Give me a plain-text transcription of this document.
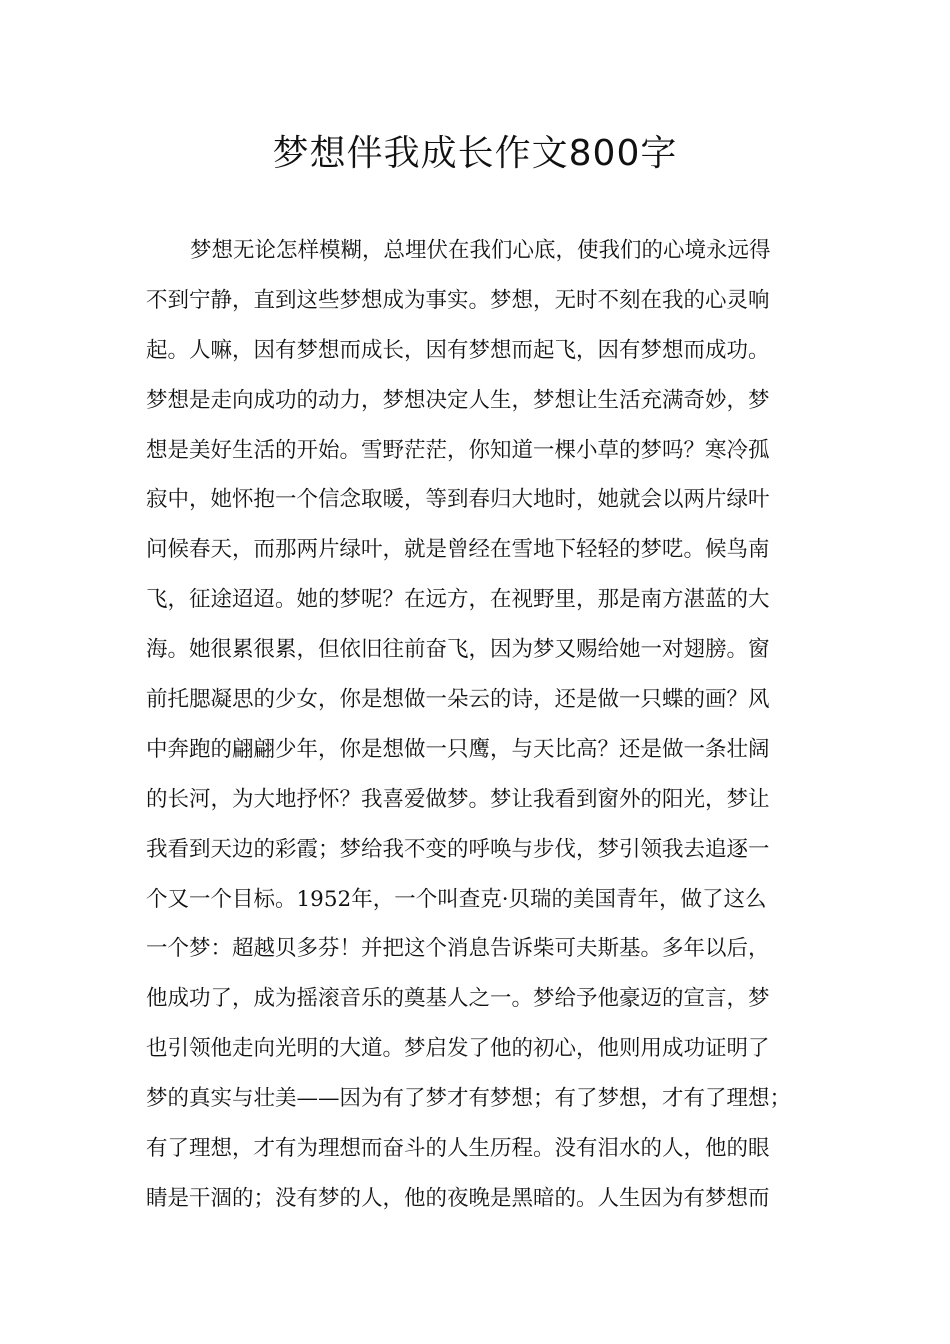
梦想伴我成长作文800字
梦想无论怎样模糊，总埋伏在我们心底，使我们的心境永远得
不到宁静，直到这些梦想成为事实。梦想，无时不刻在我的心灵响
起。人嘛，因有梦想而成长，因有梦想而起飞，因有梦想而成功。
梦想是走向成功的动力，梦想决定人生，梦想让生活充满奇妙，梦
想是美好生活的开始。雪野茫茫，你知道一棵小草的梦吗？寒冷孤
寂中，她怀抱一个信念取暖，等到春归大地时，她就会以两片绿叶
问候春天，而那两片绿叶，就是曾经在雪地下轻轻的梦呓。候鸟南
飞，征途迢迢。她的梦呢？在远方，在视野里，那是南方湛蓝的大
海。她很累很累，但依旧往前奋飞，因为梦又赐给她一对翅膀。窗
前托腮凝思的少女，你是想做一朵云的诗，还是做一只蝶的画？风
中奔跑的翩翩少年，你是想做一只鹰，与天比高？还是做一条壮阔
的长河，为大地抒怀？我喜爱做梦。梦让我看到窗外的阳光，梦让
我看到天边的彩霞；梦给我不变的呼唤与步伐，梦引领我去追逐一
个又一个目标。1952年，一个叫查克·贝瑞的美国青年，做了这么
一个梦：超越贝多芬！并把这个消息告诉柴可夫斯基。多年以后，
他成功了，成为摇滚音乐的奠基人之一。梦给予他豪迈的宣言，梦
也引领他走向光明的大道。梦启发了他的初心，他则用成功证明了
梦的真实与壮美——因为有了梦才有梦想；有了梦想，才有了理想；
有了理想，才有为理想而奋斗的人生历程。没有泪水的人，他的眼
睛是干涸的；没有梦的人，他的夜晚是黑暗的。人生因为有梦想而
